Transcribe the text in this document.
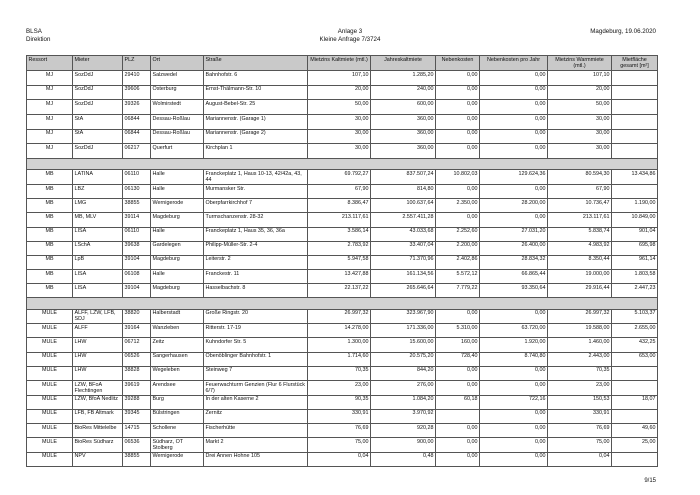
BLSA
Direktion
Anlage 3
Kleine Anfrage 7/3724
Magdeburg, 19.06.2020
Ressort	Mieter	PLZ	Ort	Straße	Mietzins Kaltmiete (mtl.)	Jahreskaltmiete	Nebenkosten	Nebenkosten pro Jahr	Mietzins Warmmiete (mtl.)	Mietfläche gesamt [m²]
MJ	SozDdJ	29410	Salzwedel	Bahnhofstr. 6	107,10	1.285,20	0,00	0,00	107,10	
MJ	SozDdJ	39606	Osterburg	Ernst-Thälmann-Str. 10	20,00	240,00	0,00	0,00	20,00	
MJ	SozDdJ	39326	Wolmirstedt	August-Bebel-Str. 25	50,00	600,00	0,00	0,00	50,00	
MJ	StA	06844	Dessau-Roßlau	Mariannenstr. (Garage 1)	30,00	360,00	0,00	0,00	30,00	
MJ	StA	06844	Dessau-Roßlau	Mariannenstr. (Garage 2)	30,00	360,00	0,00	0,00	30,00	
MJ	SozDdJ	06217	Querfurt	Kirchplan 1	30,00	360,00	0,00	0,00	30,00	

MB	LATINA	06110	Halle	Franckeplatz 1, Haus 10-13, 42/42a, 43, 44	69.792,27	837.507,24	10.802,03	129.624,36	80.594,30	13.434,86
MB	LBZ	06130	Halle	Murmansker Str.	67,90	814,80	0,00	0,00	67,90	
MB	LMG	38855	Wernigerode	Oberpfarrkirchhof 7	8.386,47	100.637,64	2.350,00	28.200,00	10.736,47	1.190,00
MB	MB, MLV	39114	Magdeburg	Turmschanzenstr. 28-32	213.117,61	2.557.411,28	0,00	0,00	213.117,61	10.849,00
MB	LISA	06110	Halle	Franckeplatz 1, Haus 35, 36, 36a	3.586,14	43.033,68	2.252,60	27.031,20	5.838,74	901,04
MB	LSchA	39638	Gardelegen	Philipp-Müller-Str. 2-4	2.783,92	33.407,04	2.200,00	26.400,00	4.983,92	695,98
MB	LpB	39104	Magdeburg	Leiterstr. 2	5.947,58	71.370,96	2.402,86	28.834,32	8.350,44	961,14
MB	LISA	06108	Halle	Franckestr. 11	13.427,88	161.134,56	5.572,12	66.865,44	19.000,00	1.803,58
MB	LISA	39104	Magdeburg	Hasselbachstr. 8	22.137,22	265.646,64	7.779,22	93.350,64	29.916,44	2.447,23

MULE	ALFF, LZW, LFB, SDJ	38820	Halberstadt	Große Ringstr. 20	26.997,32	323.967,90	0,00	0,00	26.997,32	5.103,37
MULE	ALFF	39164	Wanzleben	Ritterstr. 17-19	14.278,00	171.336,00	5.310,00	63.720,00	19.588,00	2.655,00
MULE	LHW	06712	Zeitz	Kuhndorfer Str. 5	1.300,00	15.600,00	160,00	1.920,00	1.460,00	432,25
MULE	LHW	06526	Sangerhausen	Obenöblinger Bahnhofstr. 1	1.714,60	20.575,20	728,40	8.740,80	2.443,00	653,00
MULE	LHW	38828	Wegeleben	Steinweg 7	70,35	844,20	0,00	0,00	70,35	
MULE	LZW, BFoA Flechtingen	39619	Arendsee	Feuerwachturm Genzien (Flur 6 Flurstück 6/7)	23,00	276,00	0,00	0,00	23,00	
MULE	LZW, BfoA Nedlitz	39288	Burg	In der alten Kaserne 2	90,35	1.084,20	60,18	722,16	150,53	18,07
MULE	LFB, FB Altmark	39345	Bülstringen	Zernitz	330,91	3.970,92		0,00	330,91	
MULE	BioRes Mittelelbe	14715	Schollene	Fischerhütte	76,69	920,28	0,00	0,00	76,69	49,60
MULE	BioRes Südharz	06536	Südharz, OT Stolberg	Markt 2	75,00	900,00	0,00	0,00	75,00	25,00
MULE	NPV	38855	Wernigerode	Drei Annen Hohne 105	0,04	0,48	0,00	0,00	0,04	
9/15
